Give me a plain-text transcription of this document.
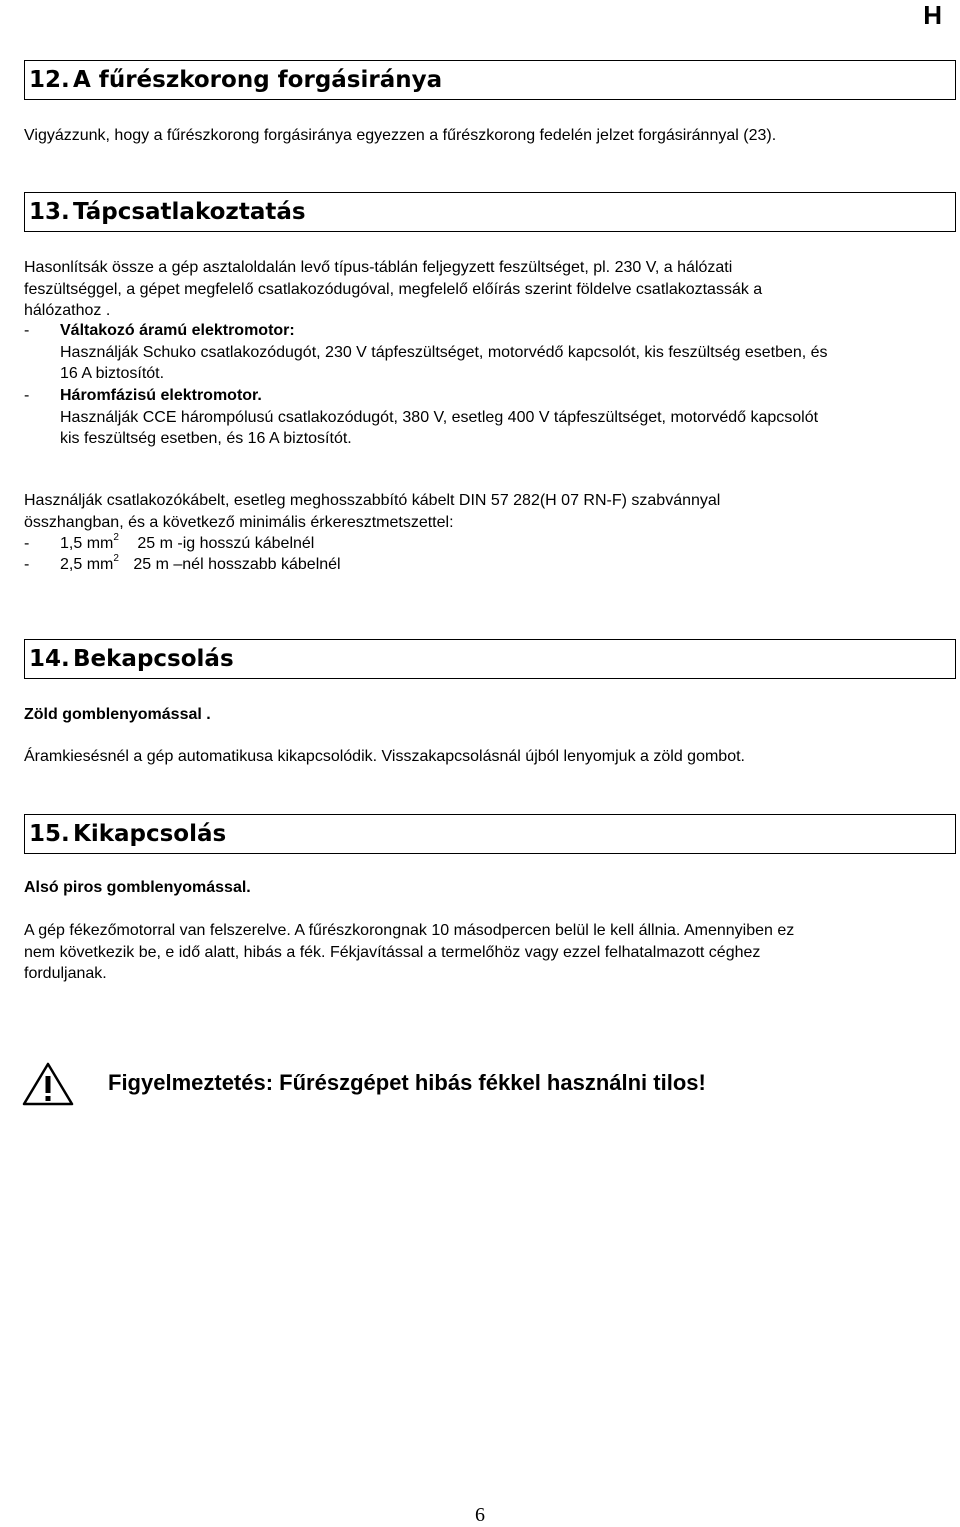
H
12. A fűrészkorong forgásiránya
Vigyázzunk, hogy a fűrészkorong forgásiránya egyezzen a fűrészkorong fedelén jelzet forgásiránnyal (23).
13. Tápcsatlakoztatás
Hasonlítsák össze a gép asztaloldalán levő típus-táblán feljegyzett feszültséget, pl. 230 V, a hálózati
feszültséggel, a gépet megfelelő csatlakozódugóval, megfelelő előírás szerint földelve csatlakoztassák a
hálózathoz .
- Váltakozó áramú elektromotor:
Használják Schuko csatlakozódugót, 230 V tápfeszültséget, motorvédő kapcsolót, kis feszültség esetben, és
16 A biztosítót.
- Háromfázisú elektromotor.
Használják CCE hárompólusú csatlakozódugót, 380 V, esetleg 400 V tápfeszültséget, motorvédő kapcsolót
kis feszültség esetben, és 16 A biztosítót.
Használják csatlakozókábelt, esetleg meghosszabbító kábelt DIN 57 282(H 07 RN-F) szabvánnyal
összhangban, és a következő minimális érkeresztmetszettel:
- 1,5 $mm^2$ 25 m -ig hosszú kábelnél
- 2,5 $mm^2$ 25 m –nél hosszabb kábelnél
14. Bekapcsolás
Zöld gomblenyomással .
Áramkiesésnél a gép automatikusa kikapcsolódik. Visszakapcsolásnál újból lenyomjuk a zöld gombot.
15. Kikapcsolás
Alsó piros gomblenyomással.
A gép fékezőmotorral van felszerelve. A fűrészkorongnak 10 másodpercen belül le kell állnia. Amennyiben ez
nem következik be, e idő alatt, hibás a fék. Fékjavítással a termelőhöz vagy ezzel felhatalmazott céghez
forduljanak.
Figyelmeztetés: Fűrészgépet hibás fékkel használni tilos!
6
